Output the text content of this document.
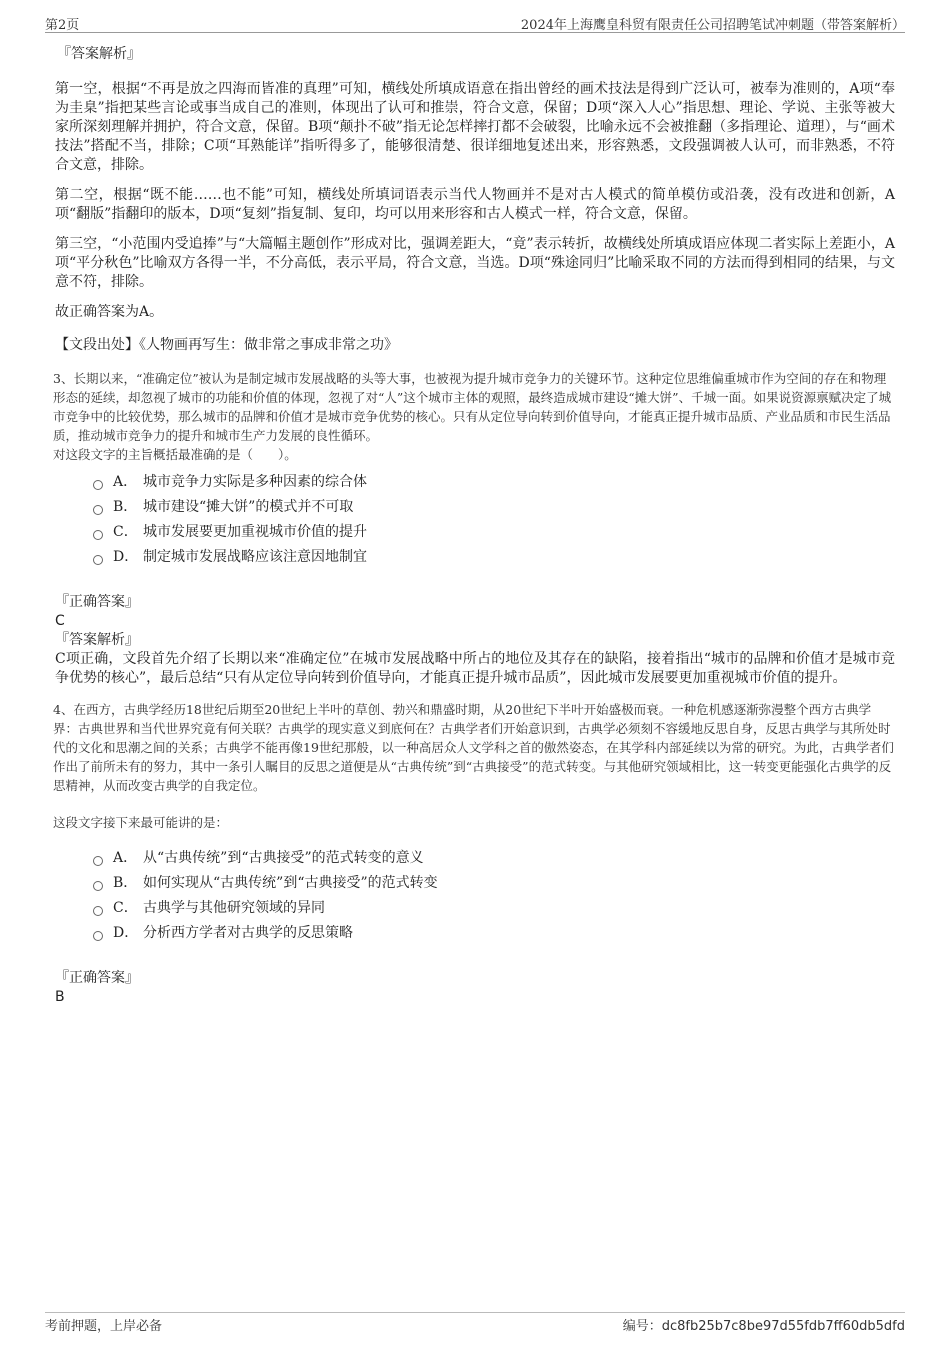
第2页	2024年上海鹰皇科贸有限责任公司招聘笔试冲刺题（带答案解析）
『答案解析』

第一空，根据“不再是放之四海而皆准的真理”可知，横线处所填成语意在指出曾经的画术技法是得到广泛认可，被奉为准则的，A项“奉为圭臬”指把某些言论或事当成自己的准则，体现出了认可和推崇，符合文意，保留；D项“深入人心”指思想、理论、学说、主张等被大家所深刻理解并拥护，符合文意，保留。B项“颠扑不破”指无论怎样摔打都不会破裂，比喻永远不会被推翻（多指理论、道理），与“画术技法”搭配不当，排除；C项“耳熟能详”指听得多了，能够很清楚、很详细地复述出来，形容熟悉，文段强调被人认可，而非熟悉，不符合文意，排除。

第二空，根据“既不能……也不能”可知，横线处所填词语表示当代人物画并不是对古人模式的简单模仿或沿袭，没有改进和创新，A项“翻版”指翻印的版本，D项“复刻”指复制、复印，均可以用来形容和古人模式一样，符合文意，保留。

第三空，“小范围内受追捧”与“大篇幅主题创作”形成对比，强调差距大，“竟”表示转折，故横线处所填成语应体现二者实际上差距小，A项“平分秋色”比喻双方各得一半，不分高低，表示平局，符合文意，当选。D项“殊途同归”比喻采取不同的方法而得到相同的结果，与文意不符，排除。

故正确答案为A。

【文段出处】《人物画再写生：做非常之事成非常之功》

3、长期以来，“准确定位”被认为是制定城市发展战略的头等大事，也被视为提升城市竞争力的关键环节。这种定位思维偏重城市作为空间的存在和物理形态的延续，却忽视了城市的功能和价值的体现，忽视了对“人”这个城市主体的观照，最终造成城市建设“摊大饼”、千城一面。如果说资源禀赋决定了城市竞争中的比较优势，那么城市的品牌和价值才是城市竞争优势的核心。只有从定位导向转到价值导向，才能真正提升城市品质、产业品质和市民生活品质，推动城市竞争力的提升和城市生产力发展的良性循环。

对这段文字的主旨概括最准确的是（　　）。

A． 城市竞争力实际是多种因素的综合体
B． 城市建设“摊大饼”的模式并不可取
C． 城市发展要更加重视城市价值的提升
D． 制定城市发展战略应该注意因地制宜
『正确答案』
C
『答案解析』

C项正确，文段首先介绍了长期以来“准确定位”在城市发展战略中所占的地位及其存在的缺陷，接着指出“城市的品牌和价值才是城市竞争优势的核心”，最后总结“只有从定位导向转到价值导向，才能真正提升城市品质”，因此城市发展要更加重视城市价值的提升。

4、在西方，古典学经历18世纪后期至20世纪上半叶的草创、勃兴和鼎盛时期，从20世纪下半叶开始盛极而衰。一种危机感逐渐弥漫整个西方古典学界：古典世界和当代世界究竟有何关联？古典学的现实意义到底何在？古典学者们开始意识到，古典学必须刻不容缓地反思自身，反思古典学与其所处时代的文化和思潮之间的关系；古典学不能再像19世纪那般，以一种高居众人文学科之首的傲然姿态，在其学科内部延续以为常的研究。为此，古典学者们作出了前所未有的努力，其中一条引人瞩目的反思之道便是从“古典传统”到“古典接受”的范式转变。与其他研究领域相比，这一转变更能强化古典学的反思精神，从而改变古典学的自我定位。

这段文字接下来最可能讲的是：

A． 从“古典传统”到“古典接受”的范式转变的意义
B． 如何实现从“古典传统”到“古典接受”的范式转变
C． 古典学与其他研究领域的异同
D． 分析西方学者对古典学的反思策略
『正确答案』
B
考前押题，上岸必备	编号：dc8fb25b7c8be97d55fdb7ff60db5dfd
